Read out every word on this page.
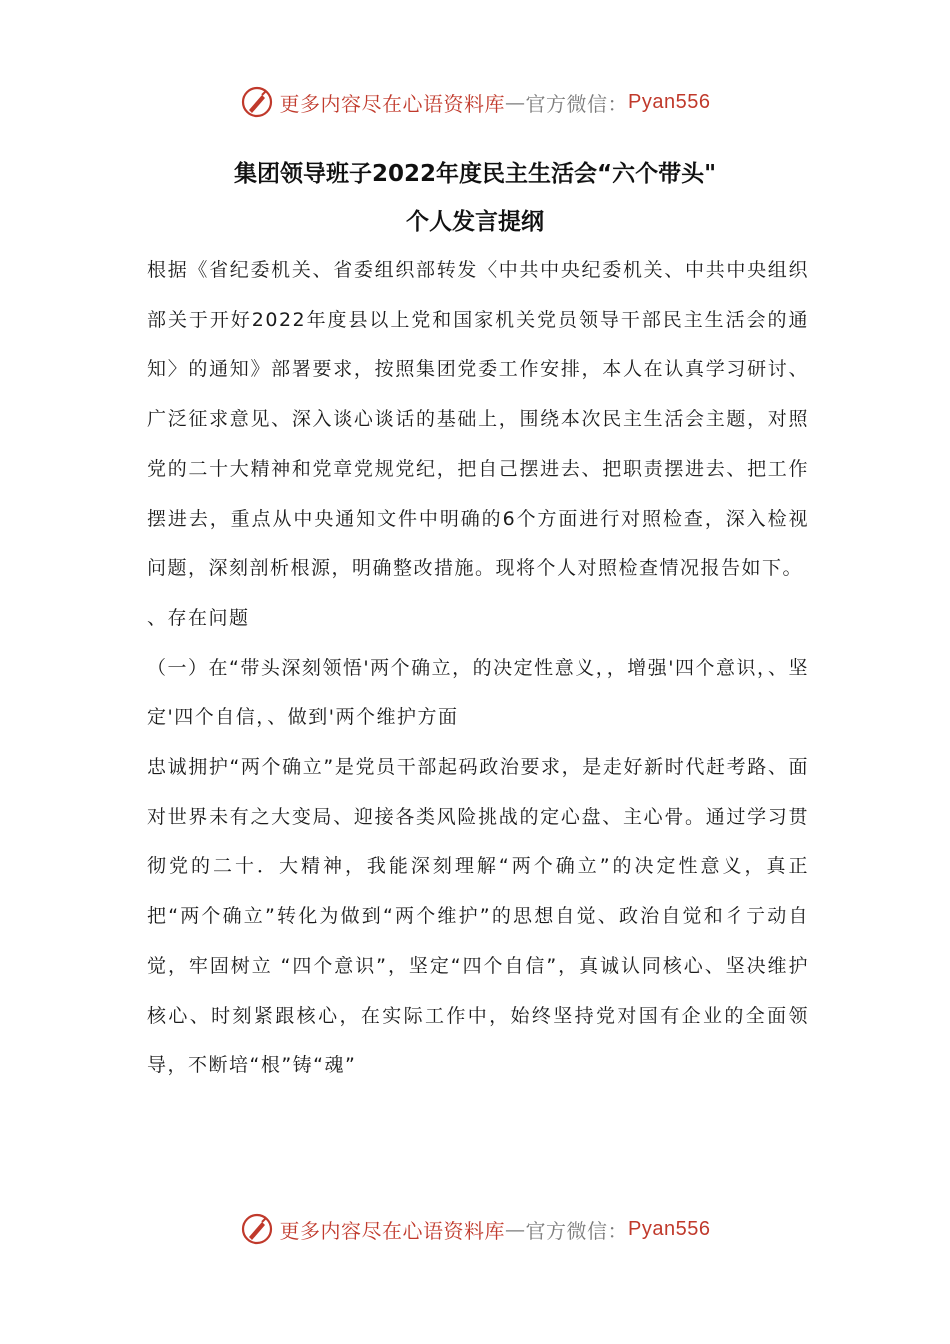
更多内容尽在心语资料库 — 官方微信： Pyan556
集团领导班子2022年度民主生活会“六个带头"
个人发言提纲

根据《省纪委机关、省委组织部转发〈中共中央纪委机关、中共中央组织部关于开好2022年度县以上党和国家机关党员领导干部民主生活会的通知〉的通知》部署要求，按照集团党委工作安排，本人在认真学习研讨、广泛征求意见、深入谈心谈话的基础上，围绕本次民主生活会主题，对照党的二十大精神和党章党规党纪，把自己摆进去、把职责摆进去、把工作摆进去，重点从中央通知文件中明确的6个方面进行对照检查，深入检视问题，深刻剖析根源，明确整改措施。现将个人对照检查情况报告如下。

、存在问题

（一）在“带头深刻领悟'两个确立，的决定性意义，，增强'四个意识，、坚定'四个自信，、做到'两个维护方面

忠诚拥护“两个确立”是党员干部起码政治要求，是走好新时代赶考路、面对世界未有之大变局、迎接各类风险挑战的定心盘、主心骨。通过学习贯彻党的二十．大精神，我能深刻理解“两个确立”的决定性意义，真正把“两个确立”转化为做到“两个维护”的思想自觉、政治自觉和彳亍动自觉，牢固树立 “四个意识”，坚定“四个自信”，真诚认同核心、坚决维护核心、时刻紧跟核心，在实际工作中，始终坚持党对国有企业的全面领导，不断培“根”铸“魂”

更多内容尽在心语资料库 — 官方微信： Pyan556
